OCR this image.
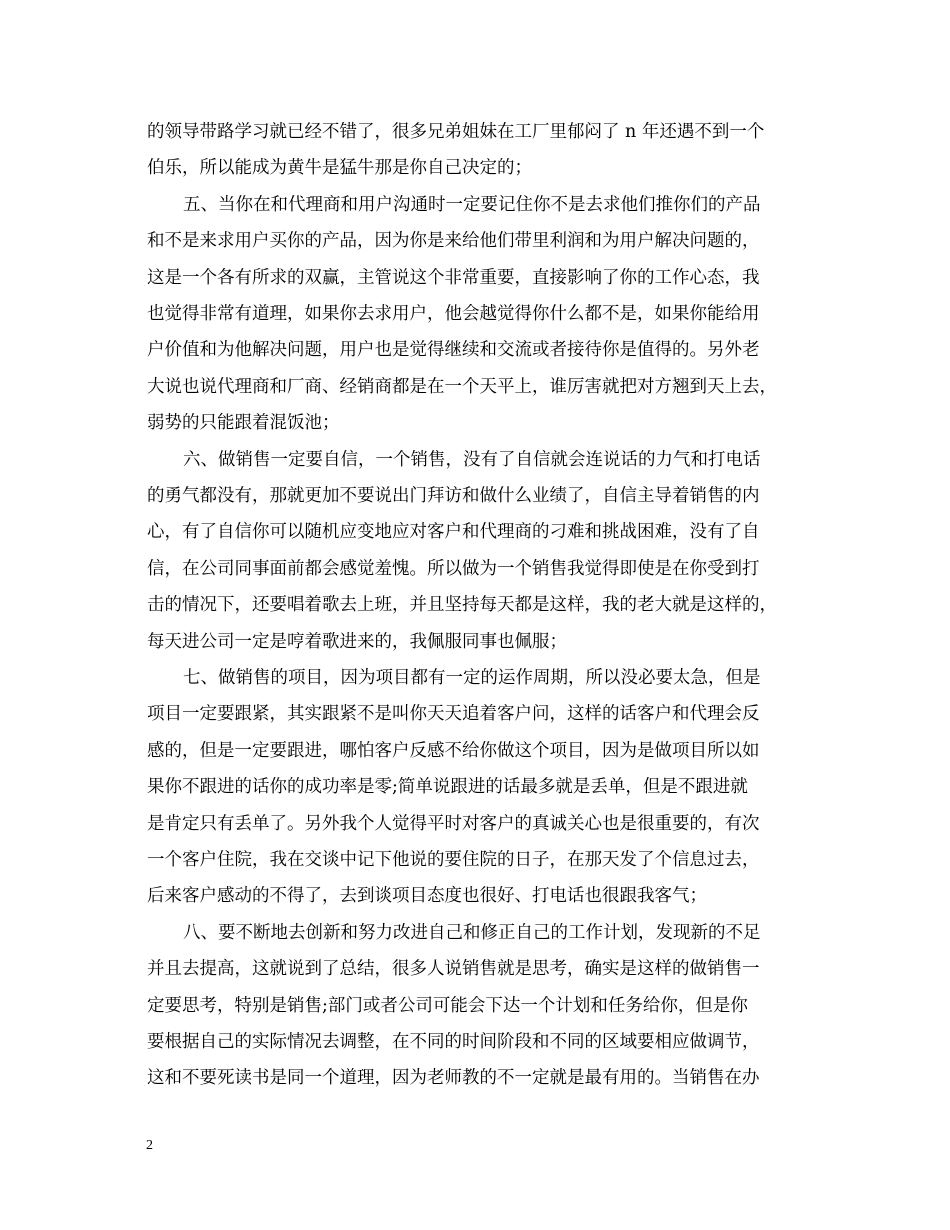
的领导带路学习就已经不错了，很多兄弟姐妹在工厂里郁闷了 n 年还遇不到一个
伯乐，所以能成为黄牛是猛牛那是你自己决定的；
五、当你在和代理商和用户沟通时一定要记住你不是去求他们推你们的产品
和不是来求用户买你的产品，因为你是来给他们带里利润和为用户解决问题的，
这是一个各有所求的双赢，主管说这个非常重要，直接影响了你的工作心态，我
也觉得非常有道理，如果你去求用户，他会越觉得你什么都不是，如果你能给用
户价值和为他解决问题，用户也是觉得继续和交流或者接待你是值得的。另外老
大说也说代理商和厂商、经销商都是在一个天平上，谁厉害就把对方翘到天上去，
弱势的只能跟着混饭池；
六、做销售一定要自信，一个销售，没有了自信就会连说话的力气和打电话
的勇气都没有，那就更加不要说出门拜访和做什么业绩了，自信主导着销售的内
心，有了自信你可以随机应变地应对客户和代理商的刁难和挑战困难，没有了自
信，在公司同事面前都会感觉羞愧。所以做为一个销售我觉得即使是在你受到打
击的情况下，还要唱着歌去上班，并且坚持每天都是这样，我的老大就是这样的，
每天进公司一定是哼着歌进来的，我佩服同事也佩服；
七、做销售的项目，因为项目都有一定的运作周期，所以没必要太急，但是
项目一定要跟紧，其实跟紧不是叫你天天追着客户问，这样的话客户和代理会反
感的，但是一定要跟进，哪怕客户反感不给你做这个项目，因为是做项目所以如
果你不跟进的话你的成功率是零;简单说跟进的话最多就是丢单，但是不跟进就
是肯定只有丢单了。另外我个人觉得平时对客户的真诚关心也是很重要的，有次
一个客户住院，我在交谈中记下他说的要住院的日子，在那天发了个信息过去，
后来客户感动的不得了，去到谈项目态度也很好、打电话也很跟我客气；
八、要不断地去创新和努力改进自己和修正自己的工作计划，发现新的不足
并且去提高，这就说到了总结，很多人说销售就是思考，确实是这样的做销售一
定要思考，特别是销售;部门或者公司可能会下达一个计划和任务给你，但是你
要根据自己的实际情况去调整，在不同的时间阶段和不同的区域要相应做调节，
这和不要死读书是同一个道理，因为老师教的不一定就是最有用的。当销售在办
2
